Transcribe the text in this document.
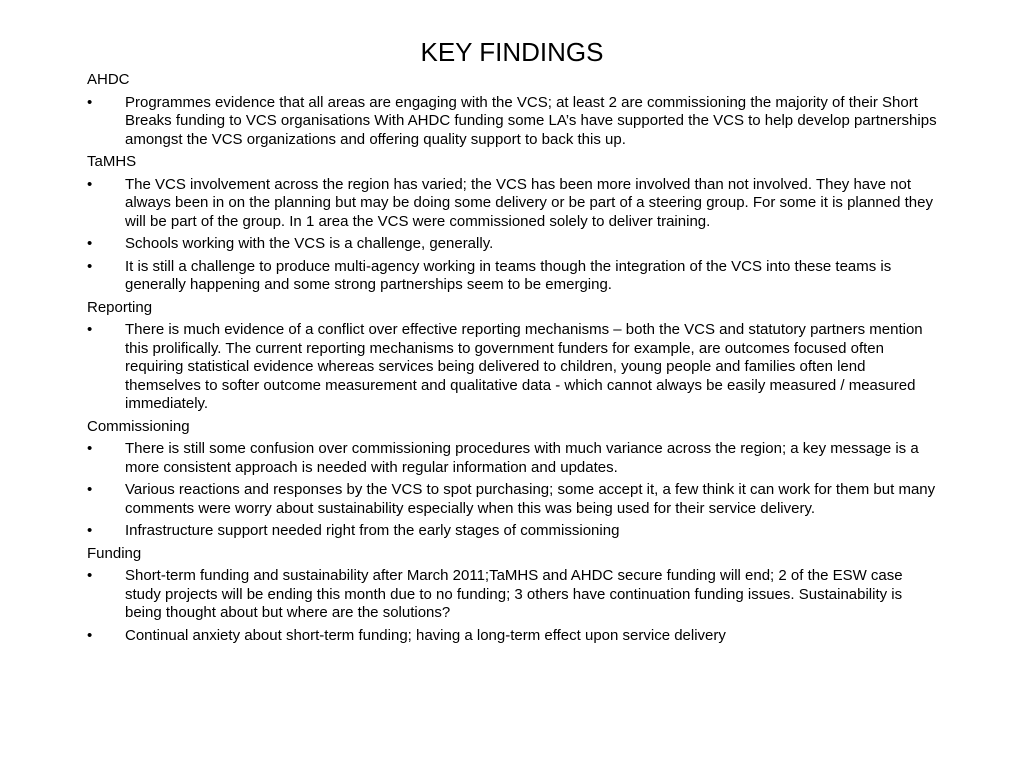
KEY FINDINGS
AHDC
•	Programmes evidence that all areas are engaging with the VCS; at least 2 are commissioning the majority of their Short Breaks funding to VCS organisations With AHDC funding some LA’s have supported the VCS to help develop partnerships amongst the VCS organizations and offering quality support to back this up.
TaMHS
•	The VCS involvement across the region has varied; the VCS has been more involved than not involved. They have not always been in on the planning but may be doing some delivery or be part of a steering group. For some it is planned they will be part of the group. In 1 area the VCS were commissioned solely to deliver training.
•	Schools working with the VCS is a challenge, generally.
•	It is still a challenge to produce multi-agency working in teams though the integration of the VCS into these teams is generally happening and some strong partnerships seem to be emerging.
Reporting
•	There is much evidence of a conflict over effective reporting mechanisms – both the VCS and statutory partners mention this prolifically. The current reporting mechanisms to government funders for example, are outcomes focused often requiring statistical evidence whereas services being delivered to children, young people and families often lend themselves to softer outcome measurement and qualitative data - which cannot always be easily measured / measured immediately.
Commissioning
•	There is still some confusion over commissioning procedures with much variance across the region; a key message is a more consistent approach is needed with regular information and updates.
•	Various reactions and responses by the VCS to spot purchasing; some accept it, a few think it can work for them but many comments were worry about sustainability especially when this was being used for their service delivery.
•	Infrastructure support needed right from the early stages of commissioning
Funding
•	Short-term funding and sustainability after March 2011;TaMHS and AHDC secure funding will end; 2 of the ESW case study projects will be ending this month due to no funding; 3 others have continuation funding issues. Sustainability is being thought about but where are the solutions?
•	Continual anxiety about short-term funding; having a long-term effect upon service delivery
